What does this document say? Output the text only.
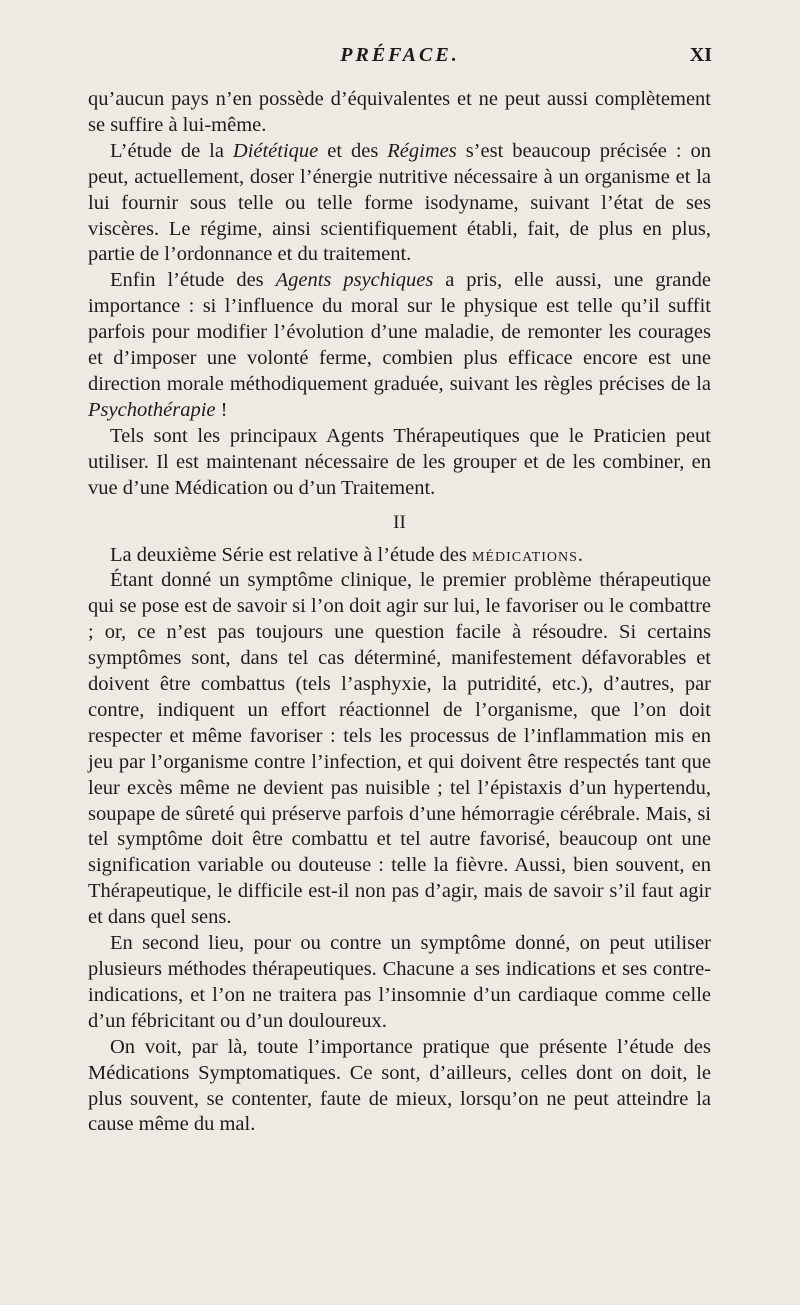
PRÉFACE.	XI

qu’aucun pays n’en possède d’équivalentes et ne peut aussi complètement se suffire à lui-même.

L’étude de la Diététique et des Régimes s’est beaucoup précisée : on peut, actuellement, doser l’énergie nutritive nécessaire à un organisme et la lui fournir sous telle ou telle forme isodyname, suivant l’état de ses viscères. Le régime, ainsi scientifiquement établi, fait, de plus en plus, partie de l’ordonnance et du traitement.

Enfin l’étude des Agents psychiques a pris, elle aussi, une grande importance : si l’influence du moral sur le physique est telle qu’il suffit parfois pour modifier l’évolution d’une maladie, de remonter les courages et d’imposer une volonté ferme, combien plus efficace encore est une direction morale méthodiquement graduée, suivant les règles précises de la Psychothérapie !

Tels sont les principaux Agents Thérapeutiques que le Praticien peut utiliser. Il est maintenant nécessaire de les grouper et de les combiner, en vue d’une Médication ou d’un Traitement.

II

La deuxième Série est relative à l’étude des médications.

Étant donné un symptôme clinique, le premier problème thérapeutique qui se pose est de savoir si l’on doit agir sur lui, le favoriser ou le combattre ; or, ce n’est pas toujours une question facile à résoudre. Si certains symptômes sont, dans tel cas déterminé, manifestement défavorables et doivent être combattus (tels l’asphyxie, la putridité, etc.), d’autres, par contre, indiquent un effort réactionnel de l’organisme, que l’on doit respecter et même favoriser : tels les processus de l’inflammation mis en jeu par l’organisme contre l’infection, et qui doivent être respectés tant que leur excès même ne devient pas nuisible ; tel l’épistaxis d’un hypertendu, soupape de sûreté qui préserve parfois d’une hémorragie cérébrale. Mais, si tel symptôme doit être combattu et tel autre favorisé, beaucoup ont une signification variable ou douteuse : telle la fièvre. Aussi, bien souvent, en Thérapeutique, le difficile est-il non pas d’agir, mais de savoir s’il faut agir et dans quel sens.

En second lieu, pour ou contre un symptôme donné, on peut utiliser plusieurs méthodes thérapeutiques. Chacune a ses indications et ses contre-indications, et l’on ne traitera pas l’insomnie d’un cardiaque comme celle d’un fébricitant ou d’un douloureux.

On voit, par là, toute l’importance pratique que présente l’étude des Médications Symptomatiques. Ce sont, d’ailleurs, celles dont on doit, le plus souvent, se contenter, faute de mieux, lorsqu’on ne peut atteindre la cause même du mal.
